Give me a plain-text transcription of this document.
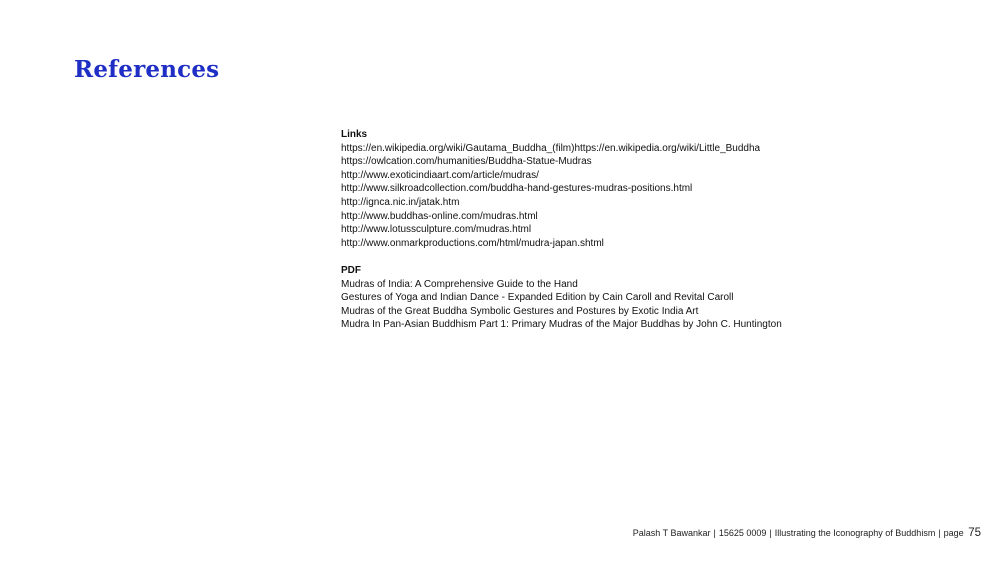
References
Links
https://en.wikipedia.org/wiki/Gautama_Buddha_(film)https://en.wikipedia.org/wiki/Little_Buddha
https://owlcation.com/humanities/Buddha-Statue-Mudras
http://www.exoticindiaart.com/article/mudras/
http://www.silkroadcollection.com/buddha-hand-gestures-mudras-positions.html
http://ignca.nic.in/jatak.htm
http://www.buddhas-online.com/mudras.html
http://www.lotussculpture.com/mudras.html
http://www.onmarkproductions.com/html/mudra-japan.shtml
PDF
Mudras of India: A Comprehensive Guide to the Hand
Gestures of Yoga and Indian Dance - Expanded Edition by Cain Caroll and Revital Caroll
Mudras of the Great Buddha Symbolic Gestures and Postures by Exotic India Art
Mudra In Pan-Asian Buddhism Part 1: Primary Mudras of the Major Buddhas by John C. Huntington
Palash T Bawankar | 15625 0009 | Illustrating the Iconography of Buddhism | page 75
